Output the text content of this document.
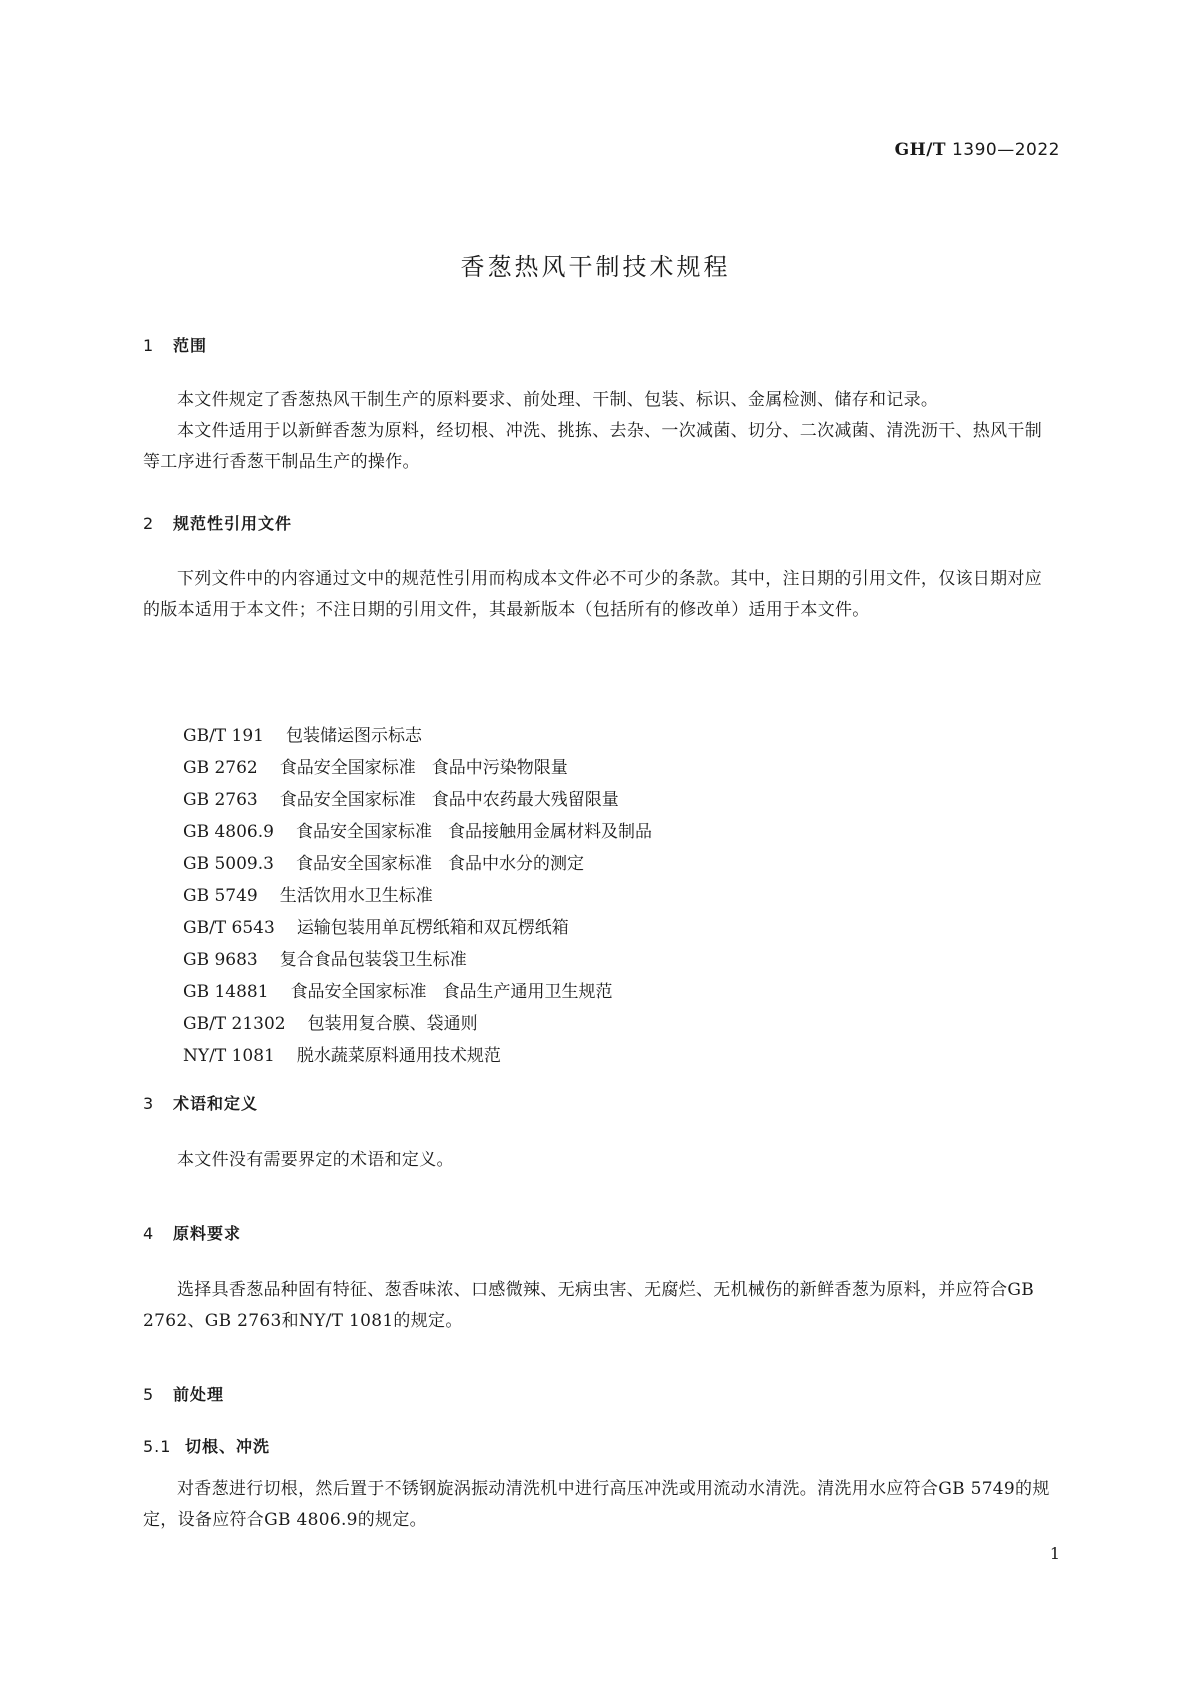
GH/T 1390—2022
香葱热风干制技术规程
1 范围
本文件规定了香葱热风干制生产的原料要求、前处理、干制、包装、标识、金属检测、储存和记录。
本文件适用于以新鲜香葱为原料，经切根、冲洗、挑拣、去杂、一次减菌、切分、二次减菌、清洗沥干、热风干制等工序进行香葱干制品生产的操作。
2 规范性引用文件
下列文件中的内容通过文中的规范性引用而构成本文件必不可少的条款。其中，注日期的引用文件，仅该日期对应的版本适用于本文件；不注日期的引用文件，其最新版本（包括所有的修改单）适用于本文件。
GB/T 191 包装储运图示标志
GB 2762 食品安全国家标准 食品中污染物限量
GB 2763 食品安全国家标准 食品中农药最大残留限量
GB 4806.9 食品安全国家标准 食品接触用金属材料及制品
GB 5009.3 食品安全国家标准 食品中水分的测定
GB 5749 生活饮用水卫生标准
GB/T 6543 运输包装用单瓦楞纸箱和双瓦楞纸箱
GB 9683 复合食品包装袋卫生标准
GB 14881 食品安全国家标准 食品生产通用卫生规范
GB/T 21302 包装用复合膜、袋通则
NY/T 1081 脱水蔬菜原料通用技术规范
3 术语和定义
本文件没有需要界定的术语和定义。
4 原料要求
选择具香葱品种固有特征、葱香味浓、口感微辣、无病虫害、无腐烂、无机械伤的新鲜香葱为原料，并应符合GB 2762、GB 2763和NY/T 1081的规定。
5 前处理
5.1 切根、冲洗
对香葱进行切根，然后置于不锈钢旋涡振动清洗机中进行高压冲洗或用流动水清洗。清洗用水应符合GB 5749的规定，设备应符合GB 4806.9的规定。
1
